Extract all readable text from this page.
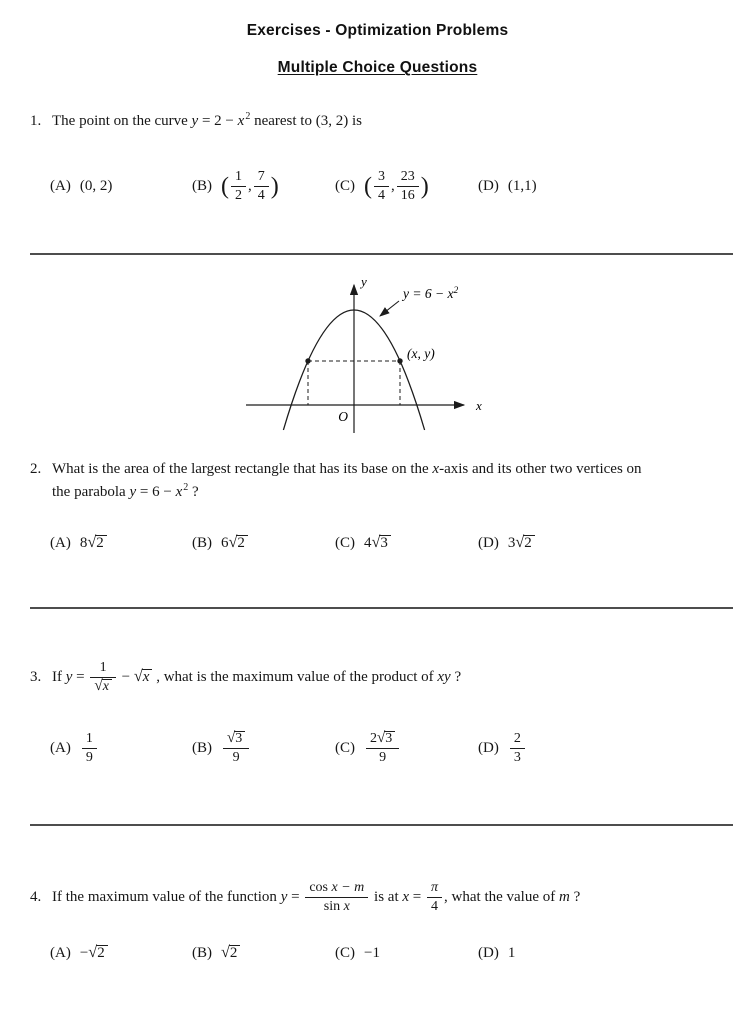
Exercises - Optimization Problems
Multiple Choice Questions
1. The point on the curve $y = 2 - x^2$ nearest to (3, 2) is
(A) (0, 2)	(B) ( $\frac{1}{2}$ , $\frac{7}{4}$ )	(C) ( $\frac{3}{4}$ , $\frac{23}{16}$ )	(D) (1,1)
$y = 6 - x^2$
(x, y)
y
x
O
2. What is the area of the largest rectangle that has its base on the x-axis and its other two vertices on
the parabola $y = 6 - x^2$ ?
(A) 8√2	(B) 6√2	(C) 4√3	(D) 3√2
3. If $y = \frac{1}{√x} - √x$ , what is the maximum value of the product of xy ?
$(A) \frac{1}{9}$	$(B) \frac{√3}{9}$	$(C) \frac{2√3}{9}$	$(D) \frac{2}{3}$
4. If the maximum value of the function $y = \frac{\text{cos x − m}}{\text{sin x}}$ is at $x = \frac{\pi}{4}$ , what the value of m ?
(A) −√2	(B) √2	(C) −1	(D) 1
